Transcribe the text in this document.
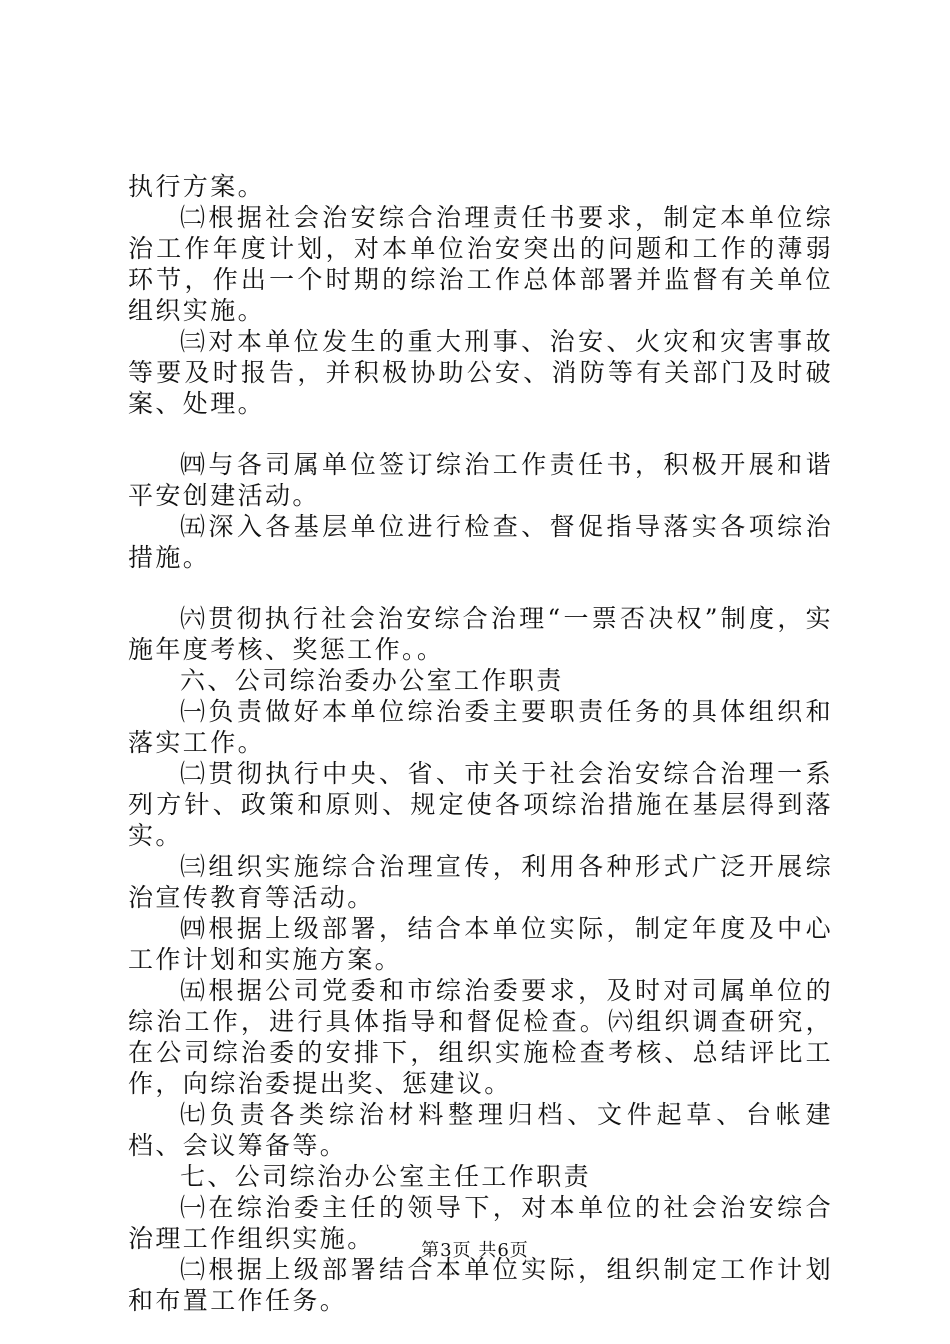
执行方案。

㈡根据社会治安综合治理责任书要求，制定本单位综治工作年度计划，对本单位治安突出的问题和工作的薄弱环节，作出一个时期的综治工作总体部署并监督有关单位组织实施。

㈢对本单位发生的重大刑事、治安、火灾和灾害事故等要及时报告，并积极协助公安、消防等有关部门及时破案、处理。

㈣与各司属单位签订综治工作责任书，积极开展和谐平安创建活动。

㈤深入各基层单位进行检查、督促指导落实各项综治措施。

㈥贯彻执行社会治安综合治理“一票否决权”制度，实施年度考核、奖惩工作。。

六、公司综治委办公室工作职责

㈠负责做好本单位综治委主要职责任务的具体组织和落实工作。

㈡贯彻执行中央、省、市关于社会治安综合治理一系列方针、政策和原则、规定使各项综治措施在基层得到落实。

㈢组织实施综合治理宣传，利用各种形式广泛开展综治宣传教育等活动。

㈣根据上级部署，结合本单位实际，制定年度及中心工作计划和实施方案。

㈤根据公司党委和市综治委要求，及时对司属单位的综治工作，进行具体指导和督促检查。㈥组织调查研究，在公司综治委的安排下，组织实施检查考核、总结评比工作，向综治委提出奖、惩建议。

㈦负责各类综治材料整理归档、文件起草、台帐建档、会议筹备等。

七、公司综治办公室主任工作职责

㈠在综治委主任的领导下，对本单位的社会治安综合治理工作组织实施。

㈡根据上级部署结合本单位实际，组织制定工作计划和布置工作任务。

第3页 共6页
